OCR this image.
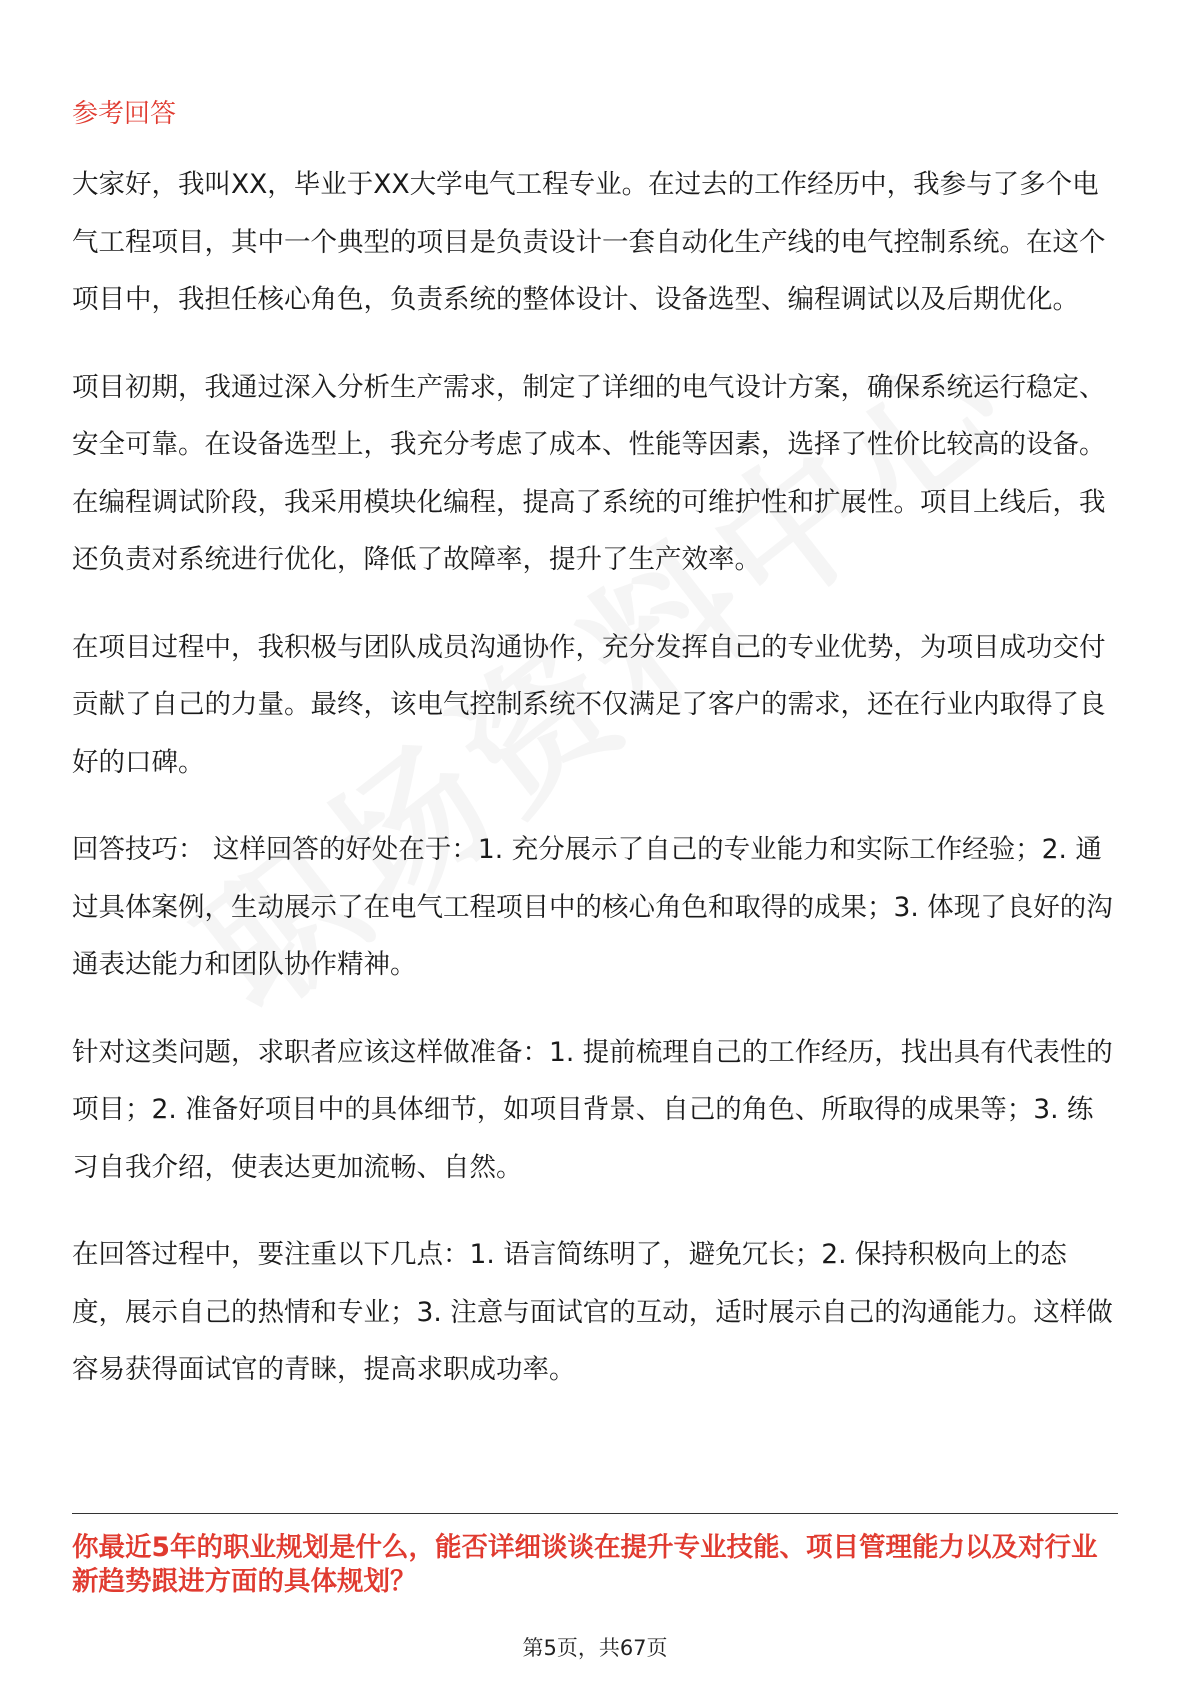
参考回答

大家好，我叫XX，毕业于XX大学电气工程专业。在过去的工作经历中，我参与了多个电气工程项目，其中一个典型的项目是负责设计一套自动化生产线的电气控制系统。在这个项目中，我担任核心角色，负责系统的整体设计、设备选型、编程调试以及后期优化。

项目初期，我通过深入分析生产需求，制定了详细的电气设计方案，确保系统运行稳定、安全可靠。在设备选型上，我充分考虑了成本、性能等因素，选择了性价比较高的设备。在编程调试阶段，我采用模块化编程，提高了系统的可维护性和扩展性。项目上线后，我还负责对系统进行优化，降低了故障率，提升了生产效率。

在项目过程中，我积极与团队成员沟通协作，充分发挥自己的专业优势，为项目成功交付贡献了自己的力量。最终，该电气控制系统不仅满足了客户的需求，还在行业内取得了良好的口碑。

回答技巧： 这样回答的好处在于：1. 充分展示了自己的专业能力和实际工作经验；2. 通过具体案例，生动展示了在电气工程项目中的核心角色和取得的成果；3. 体现了良好的沟通表达能力和团队协作精神。

针对这类问题，求职者应该这样做准备：1. 提前梳理自己的工作经历，找出具有代表性的项目；2. 准备好项目中的具体细节，如项目背景、自己的角色、所取得的成果等；3. 练习自我介绍，使表达更加流畅、自然。

在回答过程中，要注重以下几点：1. 语言简练明了，避免冗长；2. 保持积极向上的态度，展示自己的热情和专业；3. 注意与面试官的互动，适时展示自己的沟通能力。这样做容易获得面试官的青睐，提高求职成功率。

你最近5年的职业规划是什么，能否详细谈谈在提升专业技能、项目管理能力以及对行业新趋势跟进方面的具体规划？
第5页，共67页
